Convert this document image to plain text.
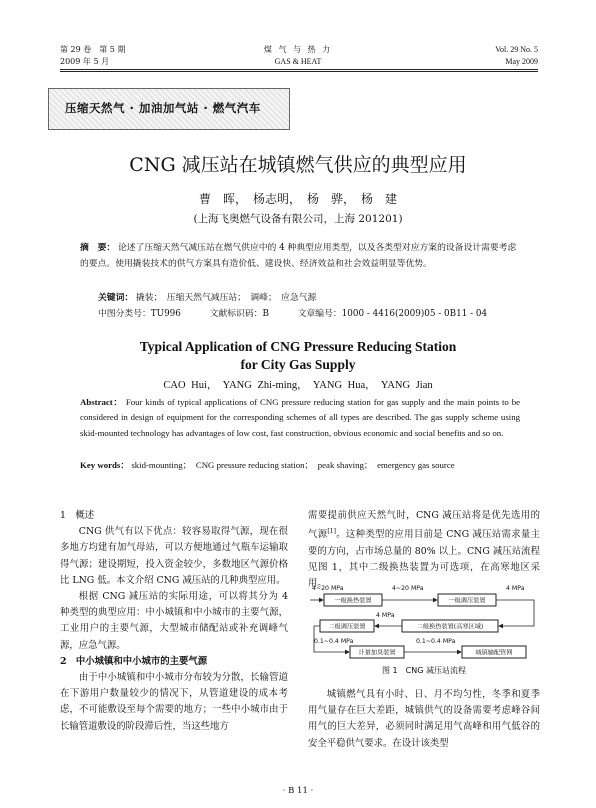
第 29 卷　第 5 期
2009 年 5 月
煤 气 与 热 力
GAS & HEAT
Vol. 29 No. 5
May 2009
压缩天然气 · 加油加气站 · 燃气汽车
CNG 减压站在城镇燃气供应的典型应用
曹　晖，　杨志明，　杨　骅，　杨　建
(上海飞奥燃气设备有限公司，上海 201201)
摘　要： 论述了压缩天然气减压站在燃气供应中的 4 种典型应用类型，以及各类型对应方案的设备设计需要考虑的要点。使用撬装技术的供气方案具有造价低、建设快、经济效益和社会效益明显等优势。
关键词： 撬装；　压缩天然气减压站；　调峰；　应急气源
中图分类号：TU996	文献标识码：B	文章编号：1000 - 4416(2009)05 - 0B11 - 04
Typical Application of CNG Pressure Reducing Station
for City Gas Supply
CAO Hui，　YANG Zhi-ming，　YANG Hua，　YANG Jian
Abstract： Four kinds of typical applications of CNG pressure reducing station for gas supply and the main points to be considered in design of equipment for the corresponding schemes of all types are described. The gas supply scheme using skid-mounted technology has advantages of low cost, fast construction, obvious economic and social benefits and so on.
Key words： skid-mounting；　CNG pressure reducing station；　peak shaving；　emergency gas source

1　概述

CNG 供气有以下优点：较容易取得气源，现在很多地方均建有加气母站，可以方便地通过气瓶车运输取得气源；建设期短，投入资金较少，多数地区气源价格比 LNG 低。本文介绍 CNG 减压站的几种典型应用。

根据 CNG 减压站的实际用途，可以将其分为 4 种类型的典型应用：中小城镇和中小城市的主要气源，工业用户的主要气源，大型城市储配站或补充调峰气源，应急气源。

2　中小城镇和中小城市的主要气源

由于中小城镇和中小城市分布较为分散，长输管道在下游用户数量较少的情况下，从管道建设的成本考虑，不可能敷设至每个需要的地方；一些中小城市由于长输管道敷设的阶段滞后性，当这些地方

需要提前供应天然气时，CNG 减压站将是优先选用的气源[1]。这种类型的应用目前是 CNG 减压站需求量主要的方向，占市场总量的 80% 以上。CNG 减压站流程见图 1，其中二级换热装置为可选项，在高寒地区采用。

一级换热装置	一级调压装置
4~20 MPa	4~20 MPa	4 MPa
二级调压装置	二级换热装置(高寒区域)
4 MPa
计量加臭装置	城镇输配管网
0.1~0.4 MPa	0.1~0.4 MPa
图 1　CNG 减压站流程

城镇燃气具有小时、日、月不均匀性，冬季和夏季用气量存在巨大差距，城镇供气的设备需要考虑峰谷间用气的巨大差异，必须同时满足用气高峰和用气低谷的安全平稳供气要求。在设计该类型

· B 11 ·
